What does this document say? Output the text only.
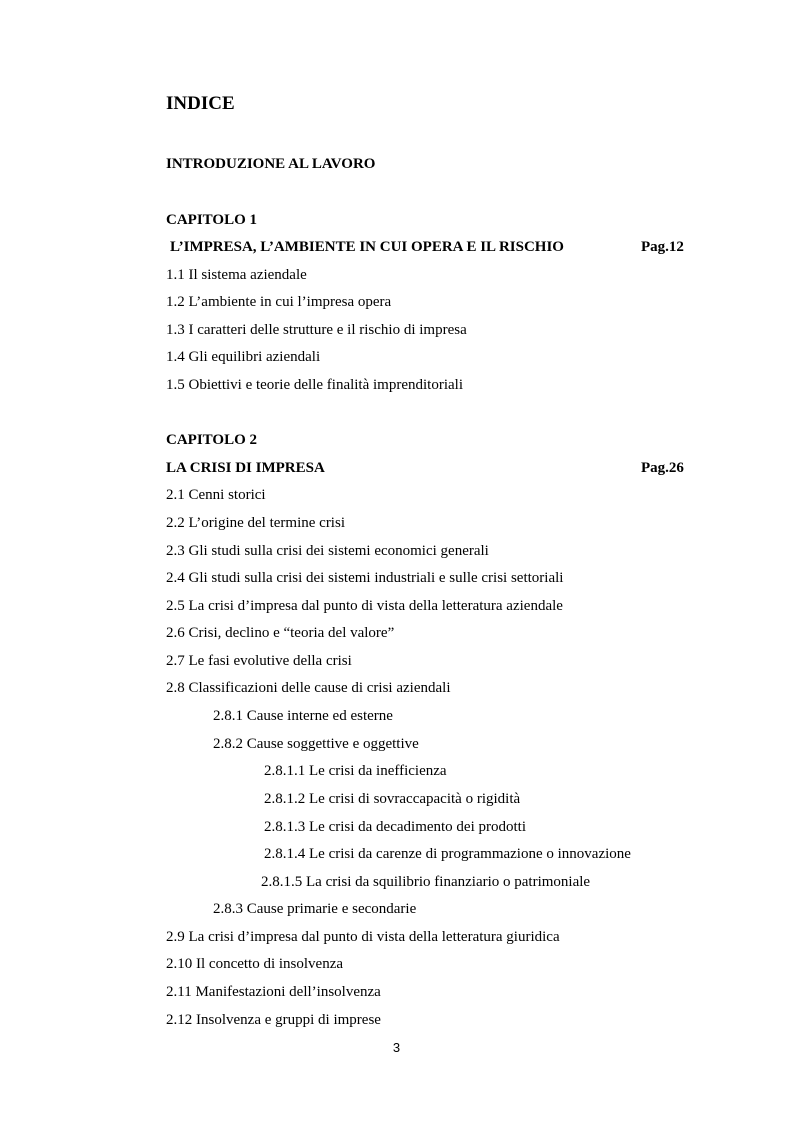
INDICE
INTRODUZIONE AL LAVORO
CAPITOLO 1
L’IMPRESA, L’AMBIENTE IN CUI OPERA E IL RISCHIO	Pag.12
1.1 Il sistema aziendale
1.2 L’ambiente in cui l’impresa opera
1.3 I caratteri delle strutture e il rischio di impresa
1.4 Gli equilibri aziendali
1.5 Obiettivi e teorie delle finalità imprenditoriali
CAPITOLO 2
LA CRISI DI IMPRESA	Pag.26
2.1 Cenni storici
2.2 L’origine del termine crisi
2.3 Gli studi sulla crisi dei sistemi economici generali
2.4 Gli studi sulla crisi dei sistemi industriali e sulle crisi settoriali
2.5 La crisi d’impresa dal punto di vista della letteratura aziendale
2.6 Crisi, declino e “teoria del valore”
2.7 Le fasi evolutive della crisi
2.8 Classificazioni delle cause di crisi aziendali
2.8.1 Cause interne ed esterne
2.8.2 Cause soggettive e oggettive
2.8.1.1 Le crisi da inefficienza
2.8.1.2 Le crisi di sovraccapacità o rigidità
2.8.1.3 Le crisi da decadimento dei prodotti
2.8.1.4 Le crisi da carenze di programmazione o innovazione
2.8.1.5 La crisi da squilibrio finanziario o patrimoniale
2.8.3 Cause primarie e secondarie
2.9 La crisi d’impresa dal punto di vista della letteratura giuridica
2.10 Il concetto di insolvenza
2.11 Manifestazioni dell’insolvenza
2.12 Insolvenza e gruppi di imprese
3
